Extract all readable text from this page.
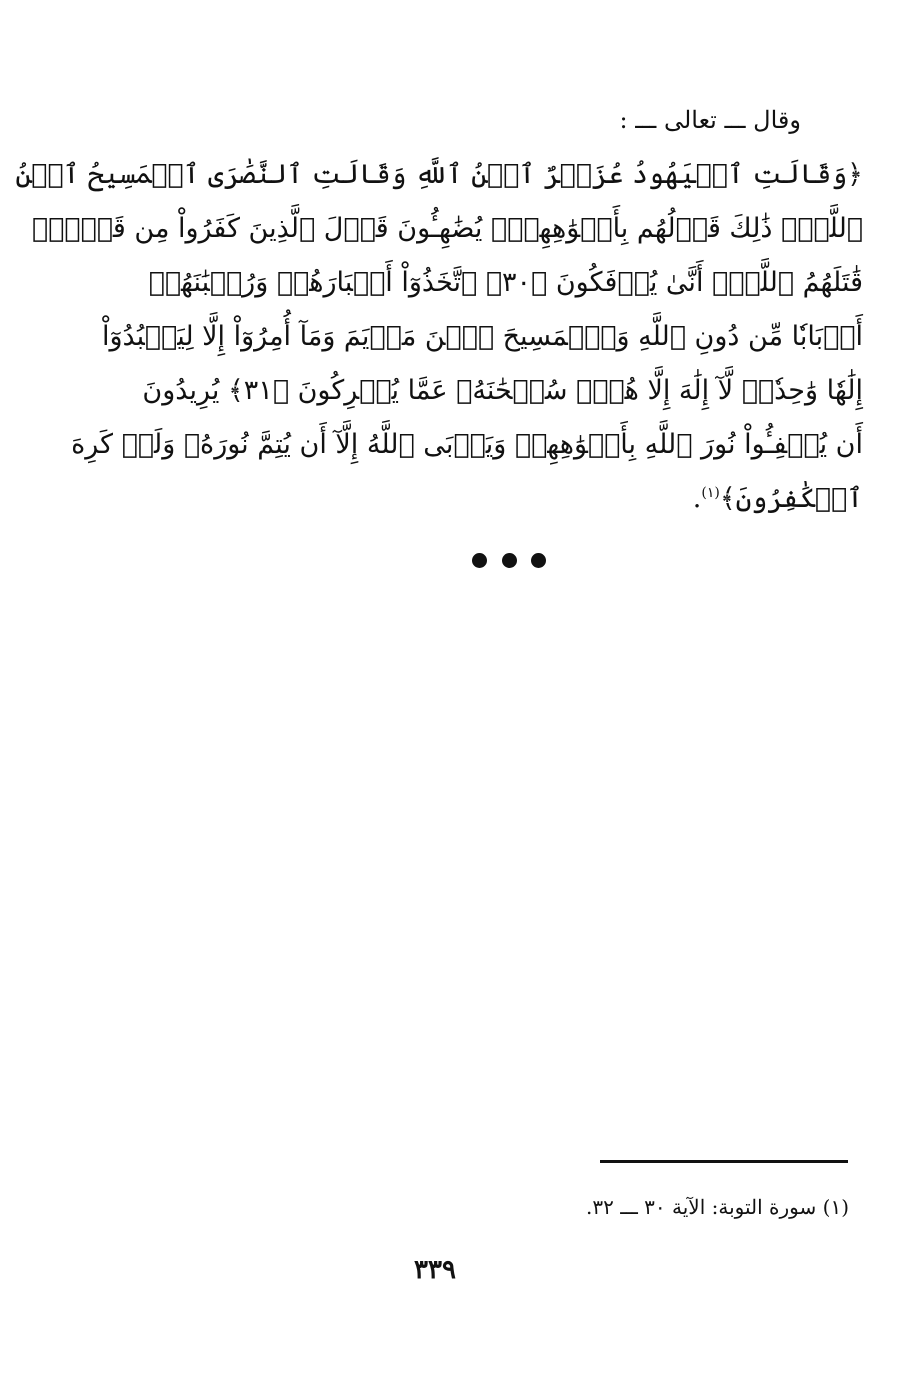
وقال ـــ تعالى ـــ :
﴿وَقَالَتِ ٱلۡيَهُودُ عُزَيۡرٌ ٱبۡنُ ٱللَّهِ وَقَالَتِ ٱلنَّصَٰرَى ٱلۡمَسِيحُ ٱبۡنُ
ٱللَّهِۖ ذَٰلِكَ قَوۡلُهُم بِأَفۡوَٰهِهِمۡۖ يُضَٰهِـُٔونَ قَوۡلَ ٱلَّذِينَ كَفَرُواْ مِن قَبۡلُۚ
قَٰتَلَهُمُ ٱللَّهُۖ أَنَّىٰ يُؤۡفَكُونَ ﴿٣٠﴾ ٱتَّخَذُوٓاْ أَحۡبَارَهُمۡ وَرُهۡبَٰنَهُمۡ
أَرۡبَابٗا مِّن دُونِ ٱللَّهِ وَٱلۡمَسِيحَ ٱبۡنَ مَرۡيَمَ وَمَآ أُمِرُوٓاْ إِلَّا لِيَعۡبُدُوٓاْ
إِلَٰهٗا وَٰحِدٗاۖ لَّآ إِلَٰهَ إِلَّا هُوَۚ سُبۡحَٰنَهُۥ عَمَّا يُشۡرِكُونَ ﴿٣١﴾ يُرِيدُونَ
أَن يُطۡفِـُٔواْ نُورَ ٱللَّهِ بِأَفۡوَٰهِهِمۡ وَيَأۡبَى ٱللَّهُ إِلَّآ أَن يُتِمَّ نُورَهُۥ وَلَوۡ كَرِهَ
ٱلۡكَٰفِرُونَ﴾$^{(١)}$.
(١) سورة التوبة: الآية ٣٠ ـــ ٣٢.
٣٣٩
